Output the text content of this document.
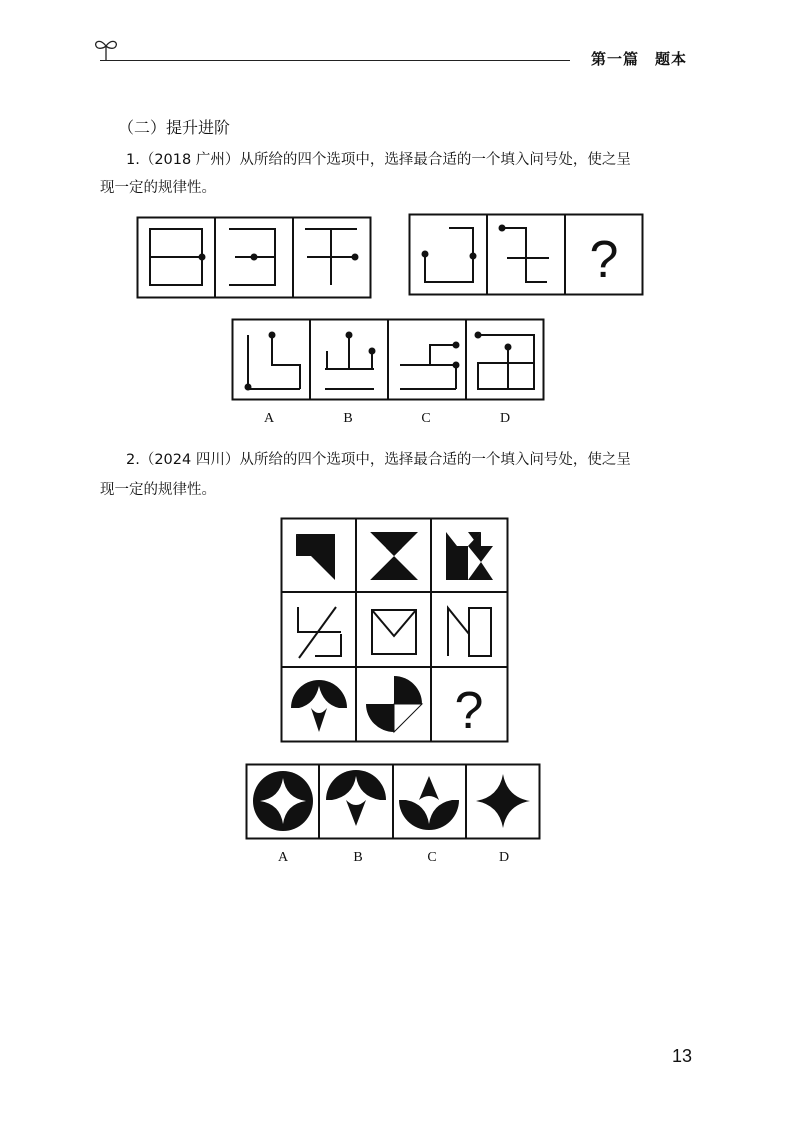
第一篇　题本
（二）提升进阶
1.（2018 广州）从所给的四个选项中，选择最合适的一个填入问号处，使之呈
现一定的规律性。
?
A	B	C	D
2.（2024 四川）从所给的四个选项中，选择最合适的一个填入问号处，使之呈
现一定的规律性。
?
A	B	C	D
13
